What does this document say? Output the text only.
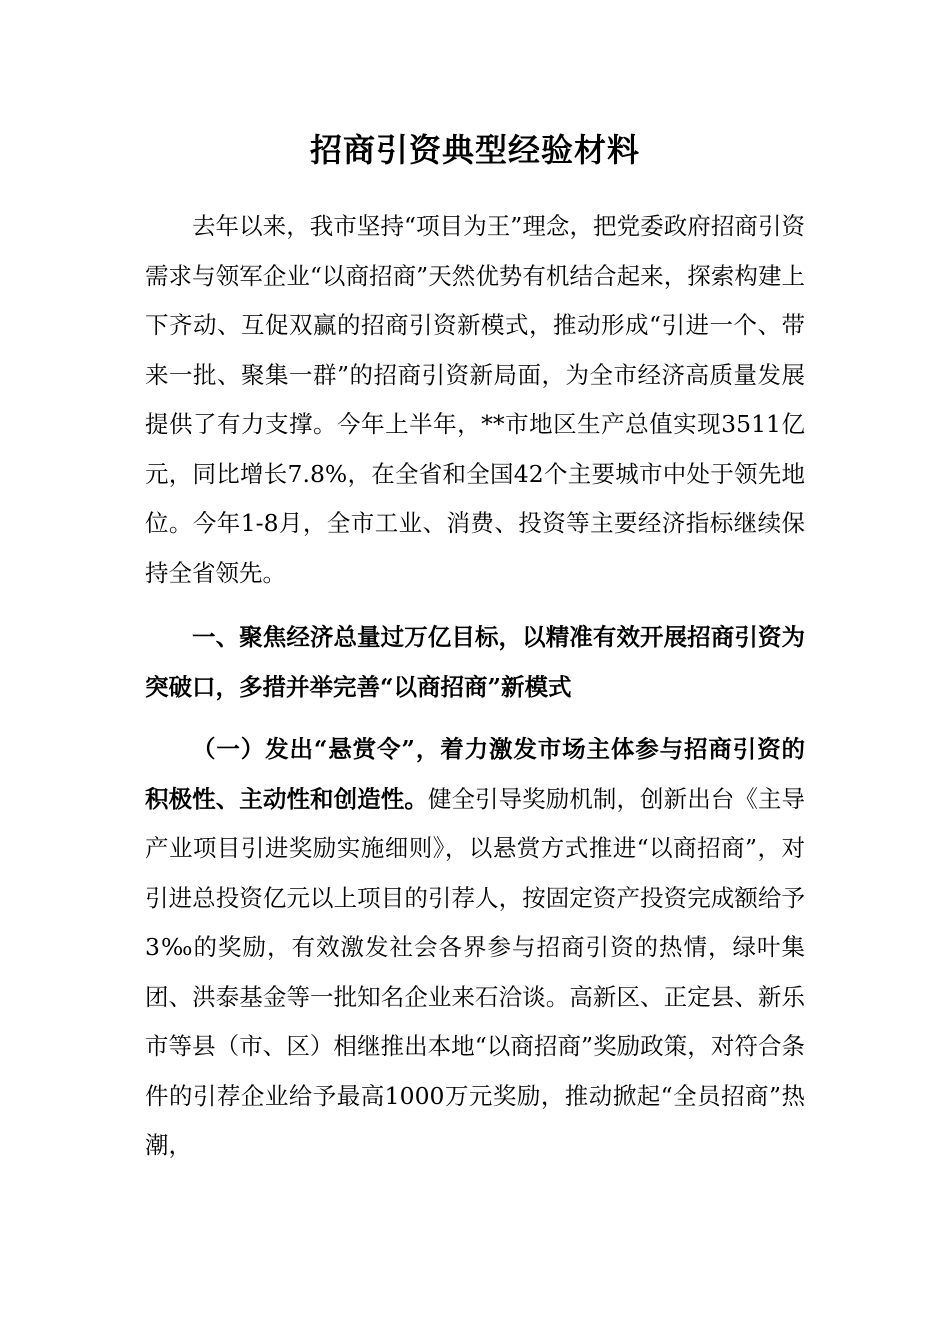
招商引资典型经验材料

去年以来，我市坚持“项目为王”理念，把党委政府招商引资需求与领军企业“以商招商”天然优势有机结合起来，探索构建上下齐动、互促双赢的招商引资新模式，推动形成“引进一个、带来一批、聚集一群”的招商引资新局面，为全市经济高质量发展提供了有力支撑。今年上半年，**市地区生产总值实现3511亿元，同比增长7.8%，在全省和全国42个主要城市中处于领先地位。今年1-8月，全市工业、消费、投资等主要经济指标继续保持全省领先。

一、聚焦经济总量过万亿目标，以精准有效开展招商引资为突破口，多措并举完善“以商招商”新模式

（一）发出“悬赏令”，着力激发市场主体参与招商引资的积极性、主动性和创造性。健全引导奖励机制，创新出台《主导产业项目引进奖励实施细则》，以悬赏方式推进“以商招商”，对引进总投资亿元以上项目的引荐人，按固定资产投资完成额给予3‰的奖励，有效激发社会各界参与招商引资的热情，绿叶集团、洪泰基金等一批知名企业来石洽谈。高新区、正定县、新乐市等县（市、区）相继推出本地“以商招商”奖励政策，对符合条件的引荐企业给予最高1000万元奖励，推动掀起“全员招商”热潮，
